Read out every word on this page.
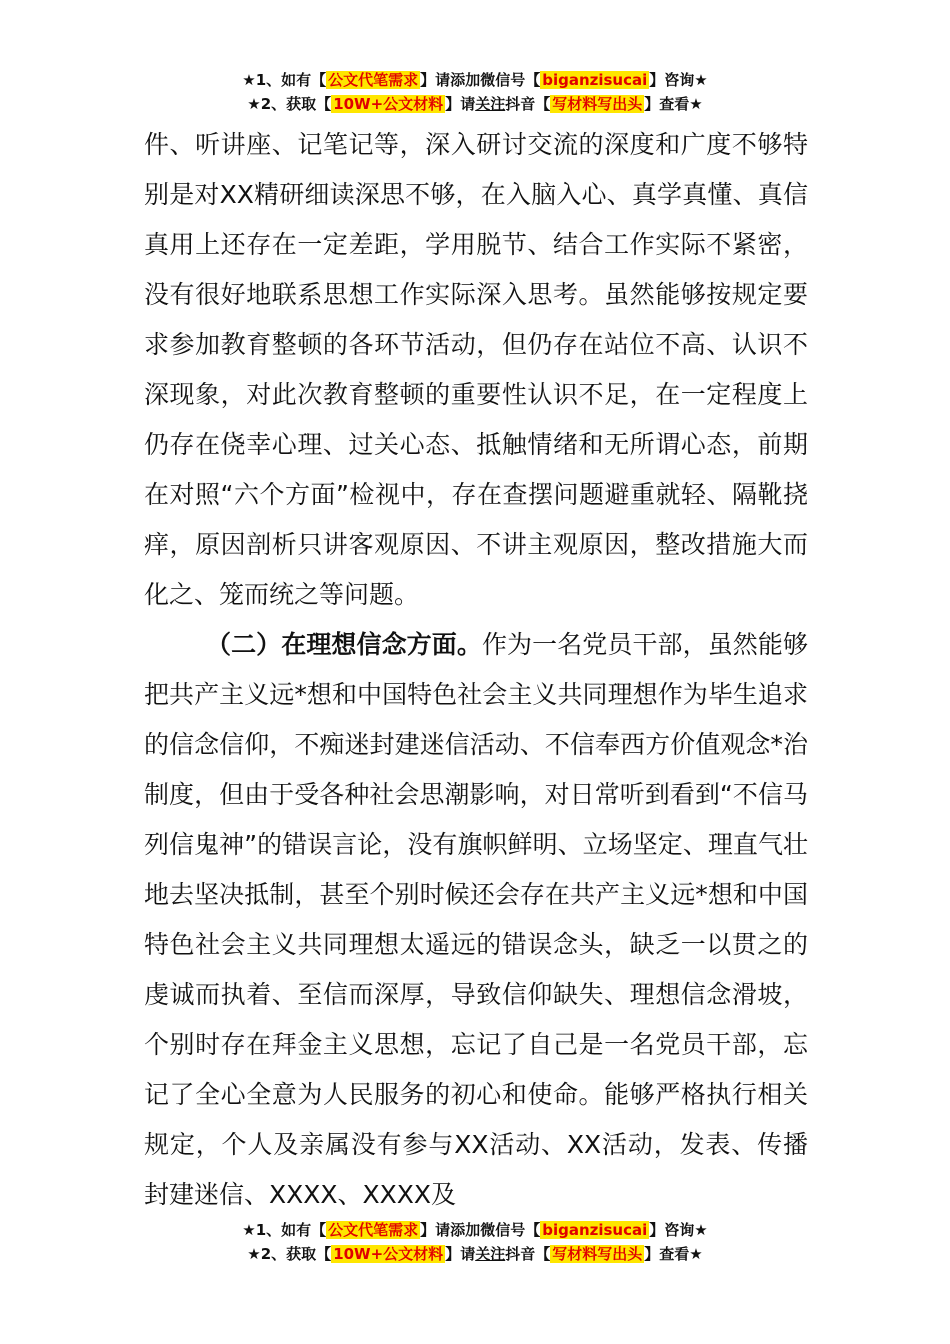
★1、如有【 公文代笔需求 】请添加微信号【 biganzisucai 】咨询★
★2、获取【 10W+公文材料 】请关注抖音【 写材料写出头 】查看★

件、听讲座、记笔记等，深入研讨交流的深度和广度不够特别是对XX精研细读深思不够，在入脑入心、真学真懂、真信真用上还存在一定差距，学用脱节、结合工作实际不紧密，没有很好地联系思想工作实际深入思考。虽然能够按规定要求参加教育整顿的各环节活动，但仍存在站位不高、认识不深现象，对此次教育整顿的重要性认识不足，在一定程度上仍存在侥幸心理、过关心态、抵触情绪和无所谓心态，前期在对照“六个方面”检视中，存在查摆问题避重就轻、隔靴挠痒，原因剖析只讲客观原因、不讲主观原因，整改措施大而化之、笼而统之等问题。

（二）在理想信念方面。作为一名党员干部，虽然能够把共产主义远*想和中国特色社会主义共同理想作为毕生追求的信念信仰，不痴迷封建迷信活动、不信奉西方价值观念*治制度，但由于受各种社会思潮影响，对日常听到看到“不信马列信鬼神”的错误言论，没有旗帜鲜明、立场坚定、理直气壮地去坚决抵制，甚至个别时候还会存在共产主义远*想和中国特色社会主义共同理想太遥远的错误念头，缺乏一以贯之的虔诚而执着、至信而深厚，导致信仰缺失、理想信念滑坡，个别时存在拜金主义思想，忘记了自己是一名党员干部，忘记了全心全意为人民服务的初心和使命。能够严格执行相关规定，个人及亲属没有参与XX活动、XX活动，发表、传播封建迷信、XXXX、XXXX及

★1、如有【 公文代笔需求 】请添加微信号【 biganzisucai 】咨询★
★2、获取【 10W+公文材料 】请关注抖音【 写材料写出头 】查看★
